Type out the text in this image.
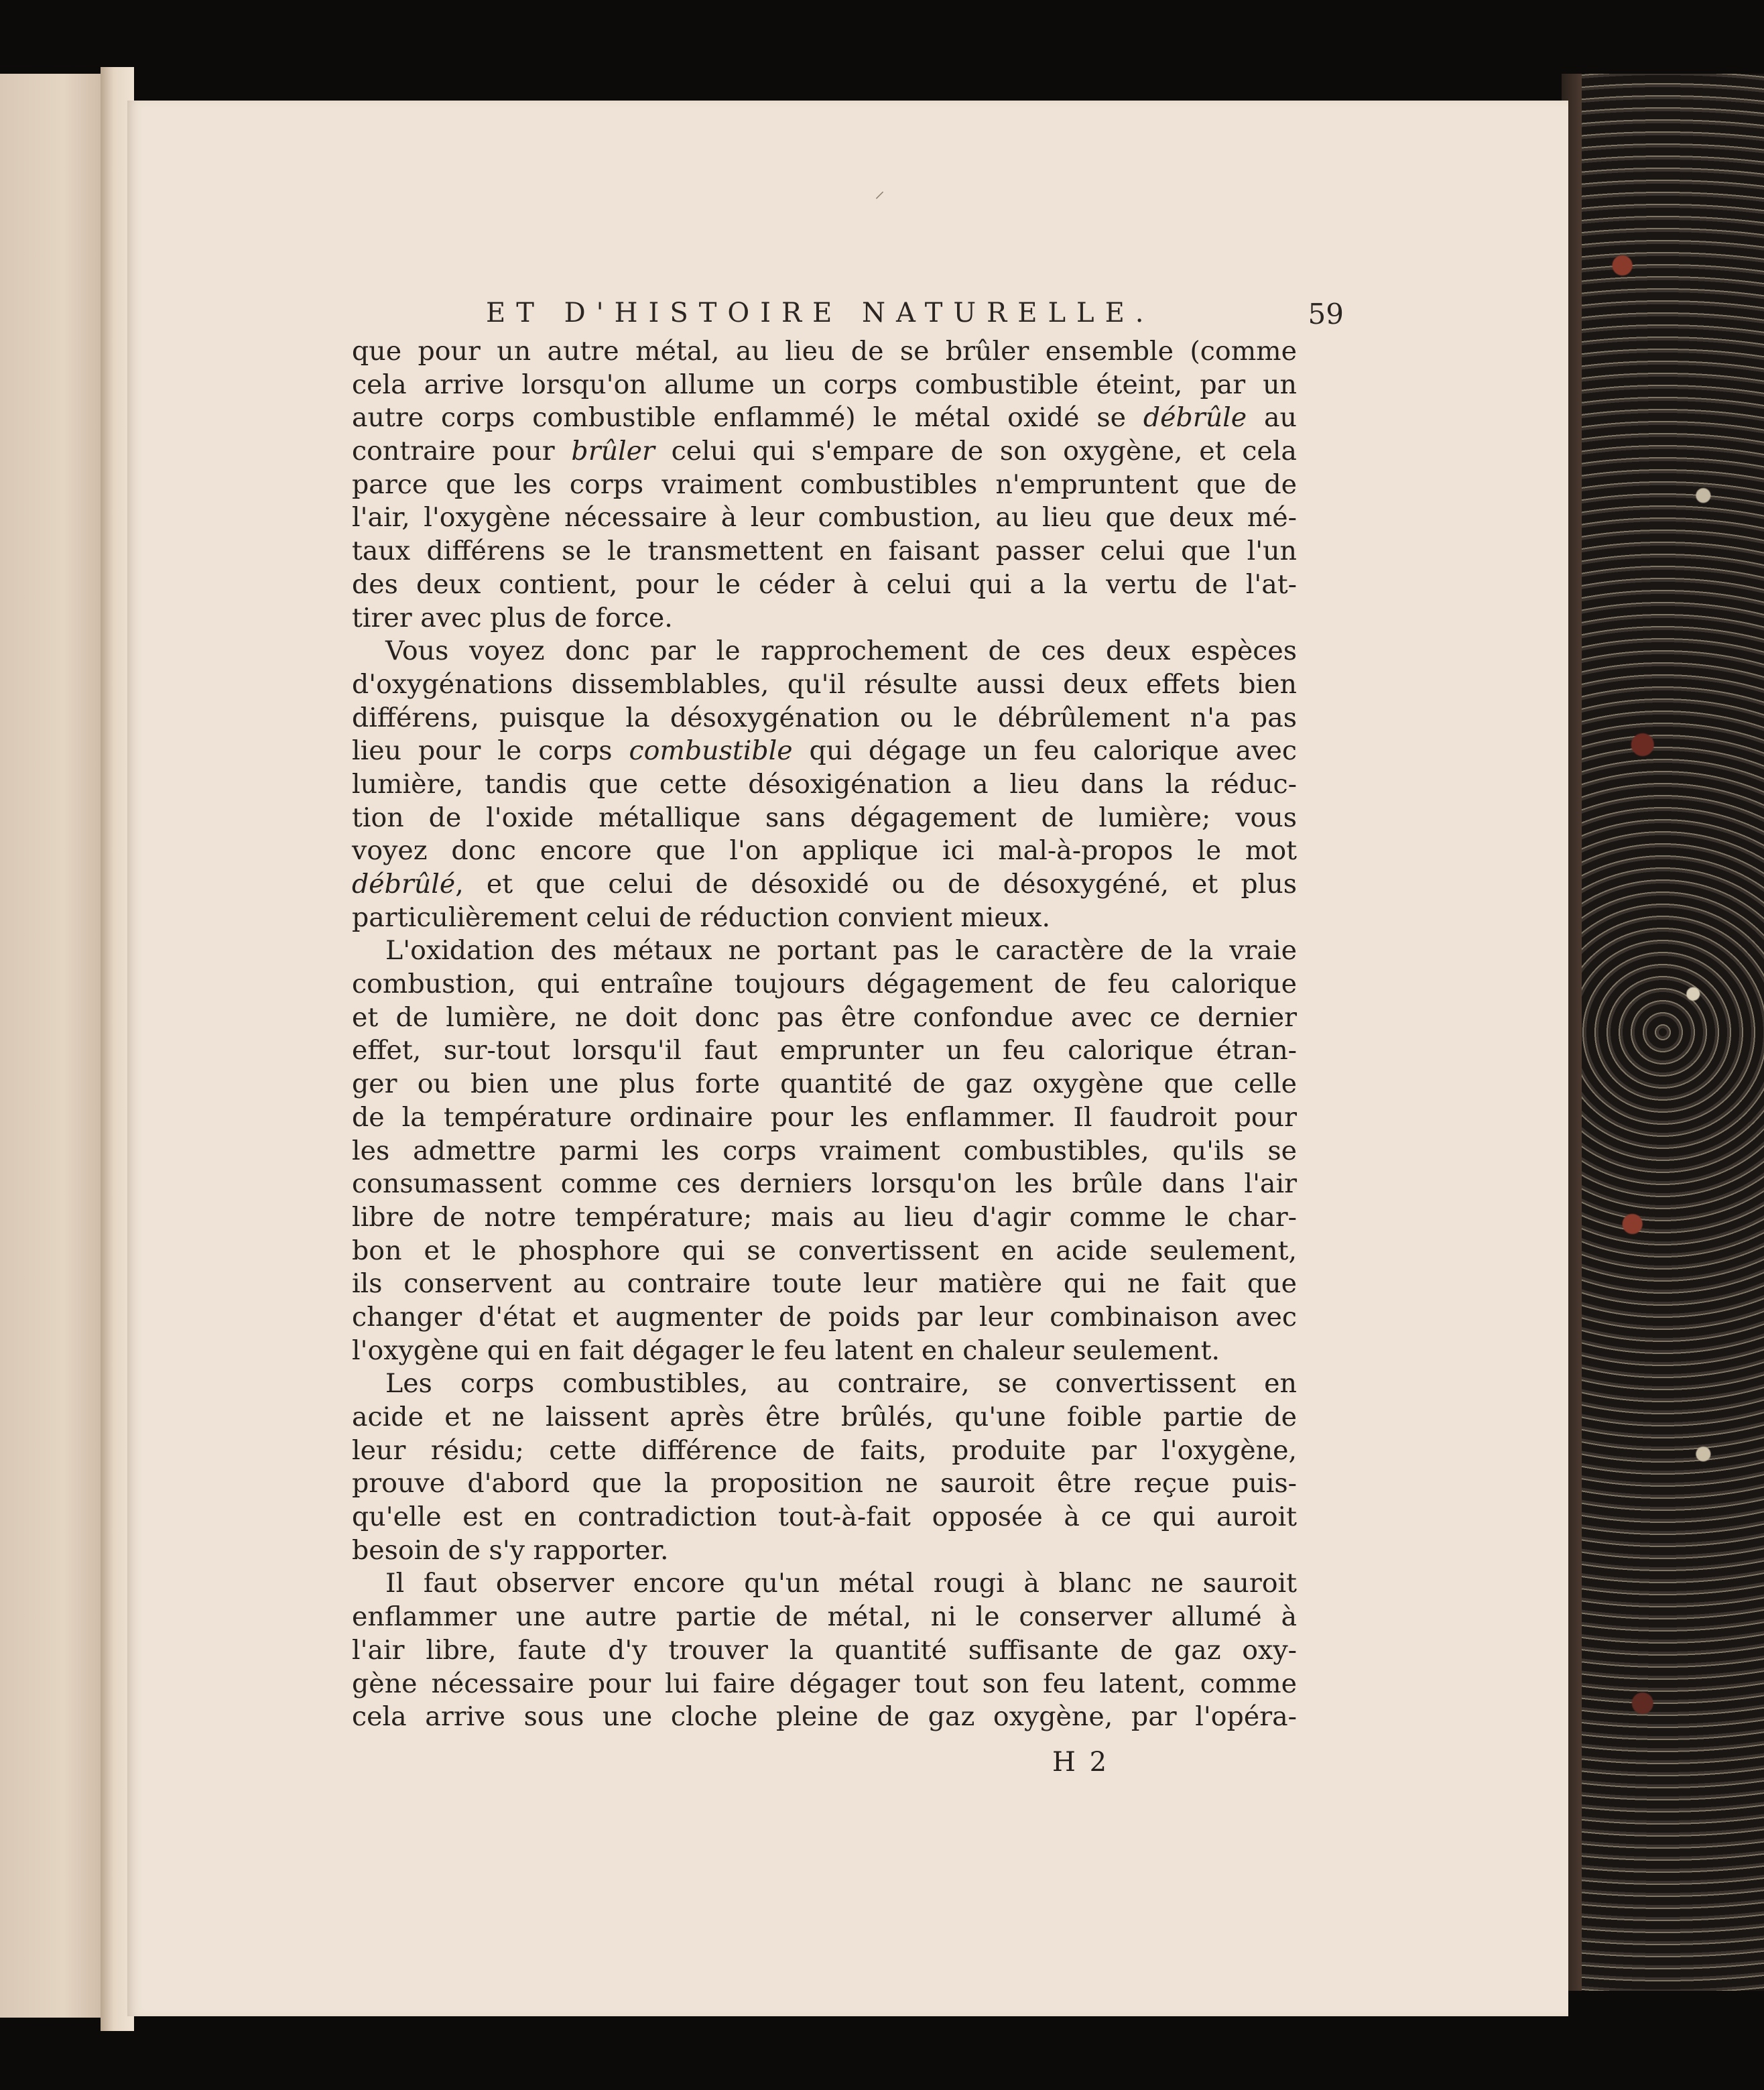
ET D'HISTOIRE NATURELLE.	59
que pour un autre métal, au lieu de se brûler ensemble (comme
cela arrive lorsqu'on allume un corps combustible éteint, par un
autre corps combustible enflammé) le métal oxidé se débrûle au
contraire pour brûler celui qui s'empare de son oxygène, et cela
parce que les corps vraiment combustibles n'empruntent que de
l'air, l'oxygène nécessaire à leur combustion, au lieu que deux mé-
taux différens se le transmettent en faisant passer celui que l'un
des deux contient, pour le céder à celui qui a la vertu de l'at-
tirer avec plus de force.
Vous voyez donc par le rapprochement de ces deux espèces
d'oxygénations dissemblables, qu'il résulte aussi deux effets bien
différens, puisque la désoxygénation ou le débrûlement n'a pas
lieu pour le corps combustible qui dégage un feu calorique avec
lumière, tandis que cette désoxigénation a lieu dans la réduc-
tion de l'oxide métallique sans dégagement de lumière; vous
voyez donc encore que l'on applique ici mal-à-propos le mot
débrûlé, et que celui de désoxidé ou de désoxygéné, et plus
particulièrement celui de réduction convient mieux.
L'oxidation des métaux ne portant pas le caractère de la vraie
combustion, qui entraîne toujours dégagement de feu calorique
et de lumière, ne doit donc pas être confondue avec ce dernier
effet, sur-tout lorsqu'il faut emprunter un feu calorique étran-
ger ou bien une plus forte quantité de gaz oxygène que celle
de la température ordinaire pour les enflammer. Il faudroit pour
les admettre parmi les corps vraiment combustibles, qu'ils se
consumassent comme ces derniers lorsqu'on les brûle dans l'air
libre de notre température; mais au lieu d'agir comme le char-
bon et le phosphore qui se convertissent en acide seulement,
ils conservent au contraire toute leur matière qui ne fait que
changer d'état et augmenter de poids par leur combinaison avec
l'oxygène qui en fait dégager le feu latent en chaleur seulement.
Les corps combustibles, au contraire, se convertissent en
acide et ne laissent après être brûlés, qu'une foible partie de
leur résidu; cette différence de faits, produite par l'oxygène,
prouve d'abord que la proposition ne sauroit être reçue puis-
qu'elle est en contradiction tout-à-fait opposée à ce qui auroit
besoin de s'y rapporter.
Il faut observer encore qu'un métal rougi à blanc ne sauroit
enflammer une autre partie de métal, ni le conserver allumé à
l'air libre, faute d'y trouver la quantité suffisante de gaz oxy-
gène nécessaire pour lui faire dégager tout son feu latent, comme
cela arrive sous une cloche pleine de gaz oxygène, par l'opéra-
H 2
⸍
